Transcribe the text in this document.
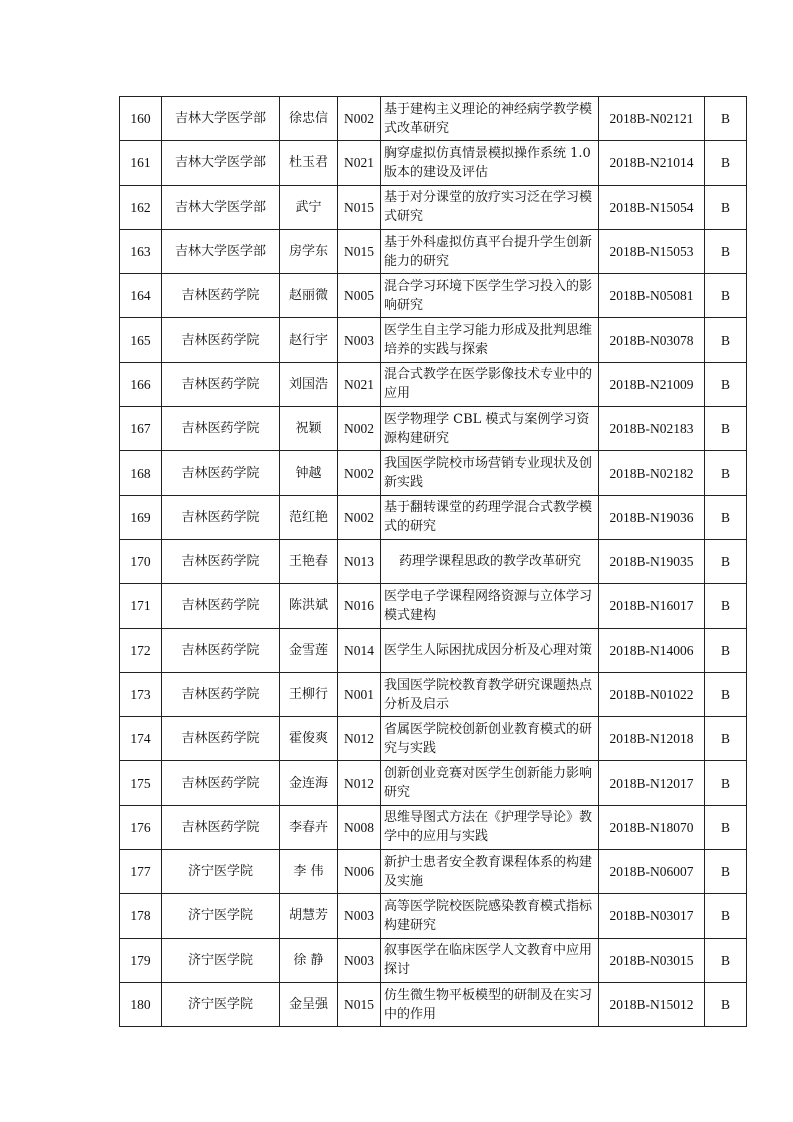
160	吉林大学医学部	徐忠信	N002	基于建构主义理论的神经病学教学模式改革研究	2018B-N02121	B
161	吉林大学医学部	杜玉君	N021	胸穿虚拟仿真情景模拟操作系统 1.0 版本的建设及评估	2018B-N21014	B
162	吉林大学医学部	武宁	N015	基于对分课堂的放疗实习泛在学习模式研究	2018B-N15054	B
163	吉林大学医学部	房学东	N015	基于外科虚拟仿真平台提升学生创新能力的研究	2018B-N15053	B
164	吉林医药学院	赵丽微	N005	混合学习环境下医学生学习投入的影响研究	2018B-N05081	B
165	吉林医药学院	赵行宇	N003	医学生自主学习能力形成及批判思维培养的实践与探索	2018B-N03078	B
166	吉林医药学院	刘国浩	N021	混合式教学在医学影像技术专业中的应用	2018B-N21009	B
167	吉林医药学院	祝颖	N002	医学物理学 CBL 模式与案例学习资源构建研究	2018B-N02183	B
168	吉林医药学院	钟越	N002	我国医学院校市场营销专业现状及创新实践	2018B-N02182	B
169	吉林医药学院	范红艳	N002	基于翻转课堂的药理学混合式教学模式的研究	2018B-N19036	B
170	吉林医药学院	王艳春	N013	药理学课程思政的教学改革研究	2018B-N19035	B
171	吉林医药学院	陈洪斌	N016	医学电子学课程网络资源与立体学习模式建构	2018B-N16017	B
172	吉林医药学院	金雪莲	N014	医学生人际困扰成因分析及心理对策	2018B-N14006	B
173	吉林医药学院	王柳行	N001	我国医学院校教育教学研究课题热点分析及启示	2018B-N01022	B
174	吉林医药学院	霍俊爽	N012	省属医学院校创新创业教育模式的研究与实践	2018B-N12018	B
175	吉林医药学院	金连海	N012	创新创业竞赛对医学生创新能力影响研究	2018B-N12017	B
176	吉林医药学院	李春卉	N008	思维导图式方法在《护理学导论》教学中的应用与实践	2018B-N18070	B
177	济宁医学院	李 伟	N006	新护士患者安全教育课程体系的构建及实施	2018B-N06007	B
178	济宁医学院	胡慧芳	N003	高等医学院校医院感染教育模式指标构建研究	2018B-N03017	B
179	济宁医学院	徐 静	N003	叙事医学在临床医学人文教育中应用探讨	2018B-N03015	B
180	济宁医学院	金呈强	N015	仿生微生物平板模型的研制及在实习中的作用	2018B-N15012	B
